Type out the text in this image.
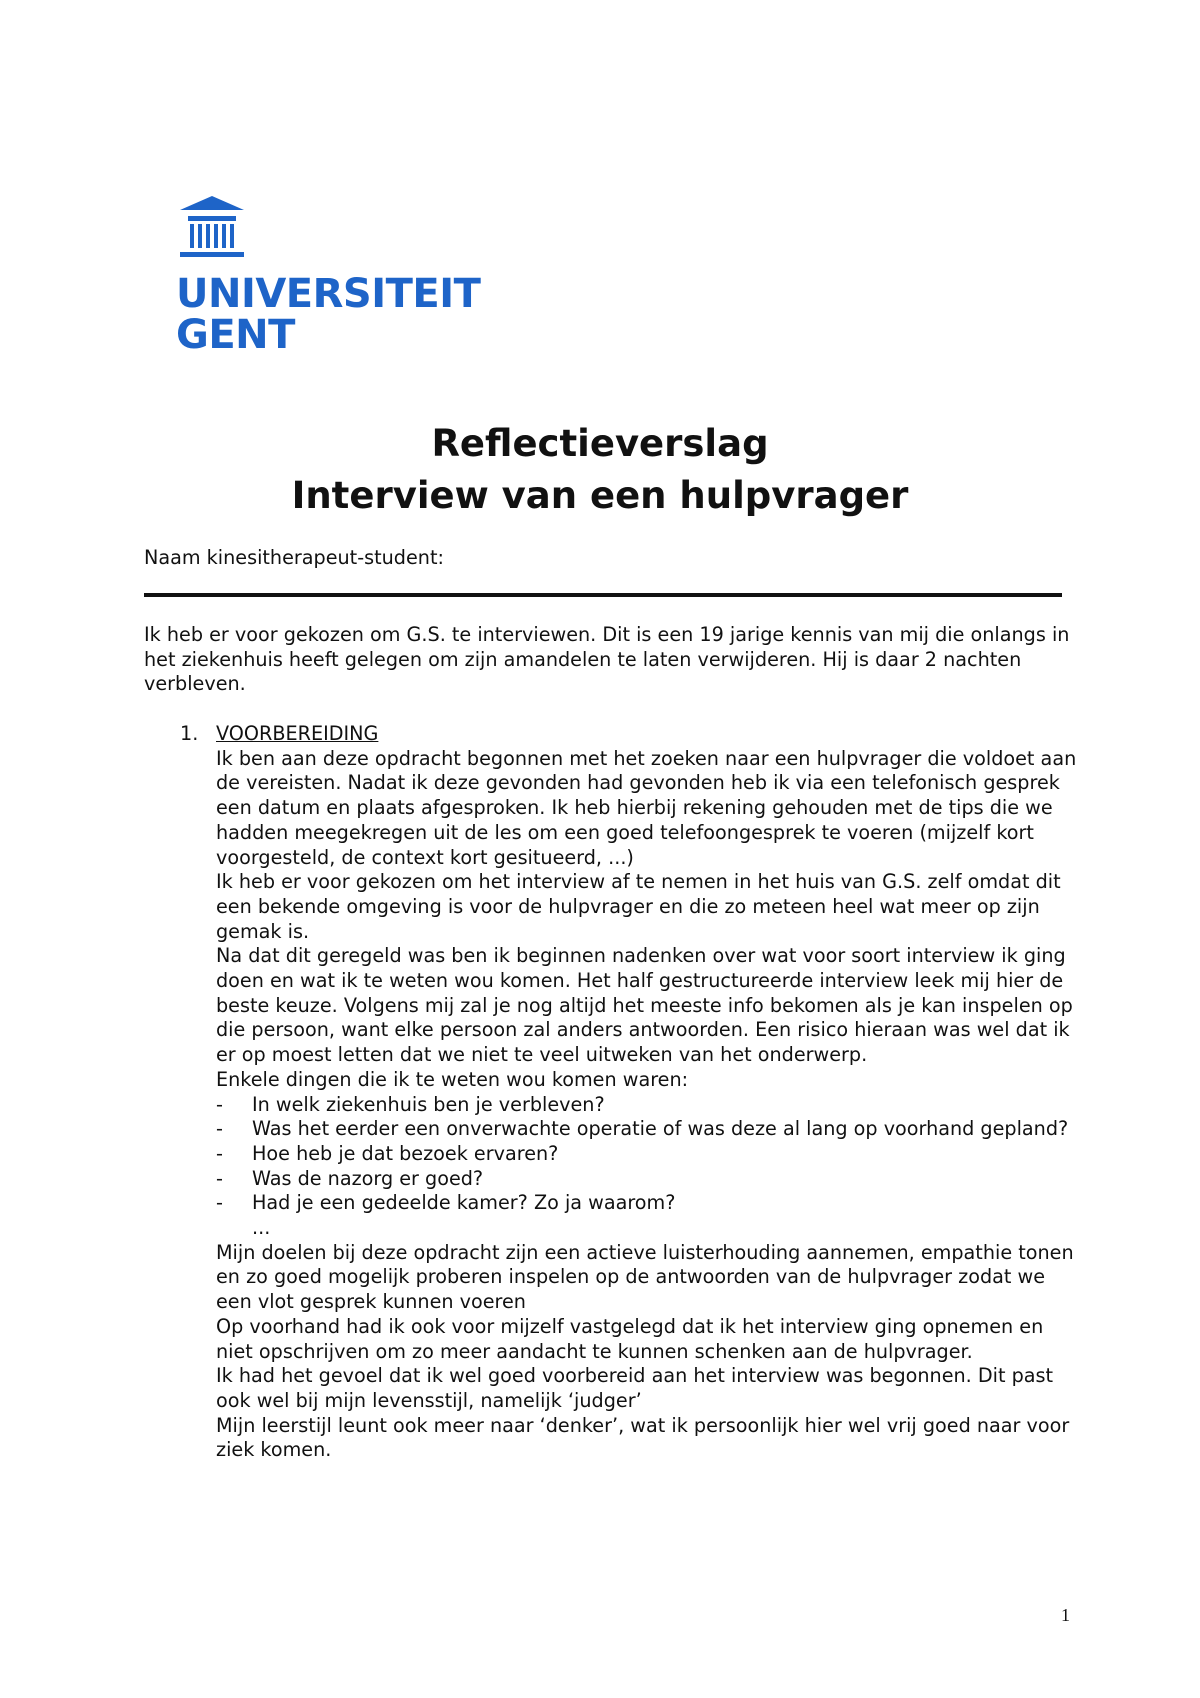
UNIVERSITEIT
GENT
Reflectieverslag
Interview van een hulpvrager
Naam kinesitherapeut-student:

Ik heb er voor gekozen om G.S. te interviewen. Dit is een 19 jarige kennis van mij die onlangs in het ziekenhuis heeft gelegen om zijn amandelen te laten verwijderen. Hij is daar 2 nachten verbleven.

1. VOORBEREIDING

Ik ben aan deze opdracht begonnen met het zoeken naar een hulpvrager die voldoet aan de vereisten. Nadat ik deze gevonden had gevonden heb ik via een telefonisch gesprek een datum en plaats afgesproken. Ik heb hierbij rekening gehouden met de tips die we hadden meegekregen uit de les om een goed telefoongesprek te voeren (mijzelf kort voorgesteld, de context kort gesitueerd, ...)

Ik heb er voor gekozen om het interview af te nemen in het huis van G.S. zelf omdat dit een bekende omgeving is voor de hulpvrager en die zo meteen heel wat meer op zijn gemak is.

Na dat dit geregeld was ben ik beginnen nadenken over wat voor soort interview ik ging doen en wat ik te weten wou komen. Het half gestructureerde interview leek mij hier de beste keuze. Volgens mij zal je nog altijd het meeste info bekomen als je kan inspelen op die persoon, want elke persoon zal anders antwoorden. Een risico hieraan was wel dat ik er op moest letten dat we niet te veel uitweken van het onderwerp.

Enkele dingen die ik te weten wou komen waren:

- In welk ziekenhuis ben je verbleven?
- Was het eerder een onverwachte operatie of was deze al lang op voorhand gepland?
- Hoe heb je dat bezoek ervaren?
- Was de nazorg er goed?
- Had je een gedeelde kamer? Zo ja waarom?
...

Mijn doelen bij deze opdracht zijn een actieve luisterhouding aannemen, empathie tonen en zo goed mogelijk proberen inspelen op de antwoorden van de hulpvrager zodat we een vlot gesprek kunnen voeren

Op voorhand had ik ook voor mijzelf vastgelegd dat ik het interview ging opnemen en niet opschrijven om zo meer aandacht te kunnen schenken aan de hulpvrager.

Ik had het gevoel dat ik wel goed voorbereid aan het interview was begonnen. Dit past ook wel bij mijn levensstijl, namelijk ‘judger’

Mijn leerstijl leunt ook meer naar ‘denker’, wat ik persoonlijk hier wel vrij goed naar voor ziek komen.

1
